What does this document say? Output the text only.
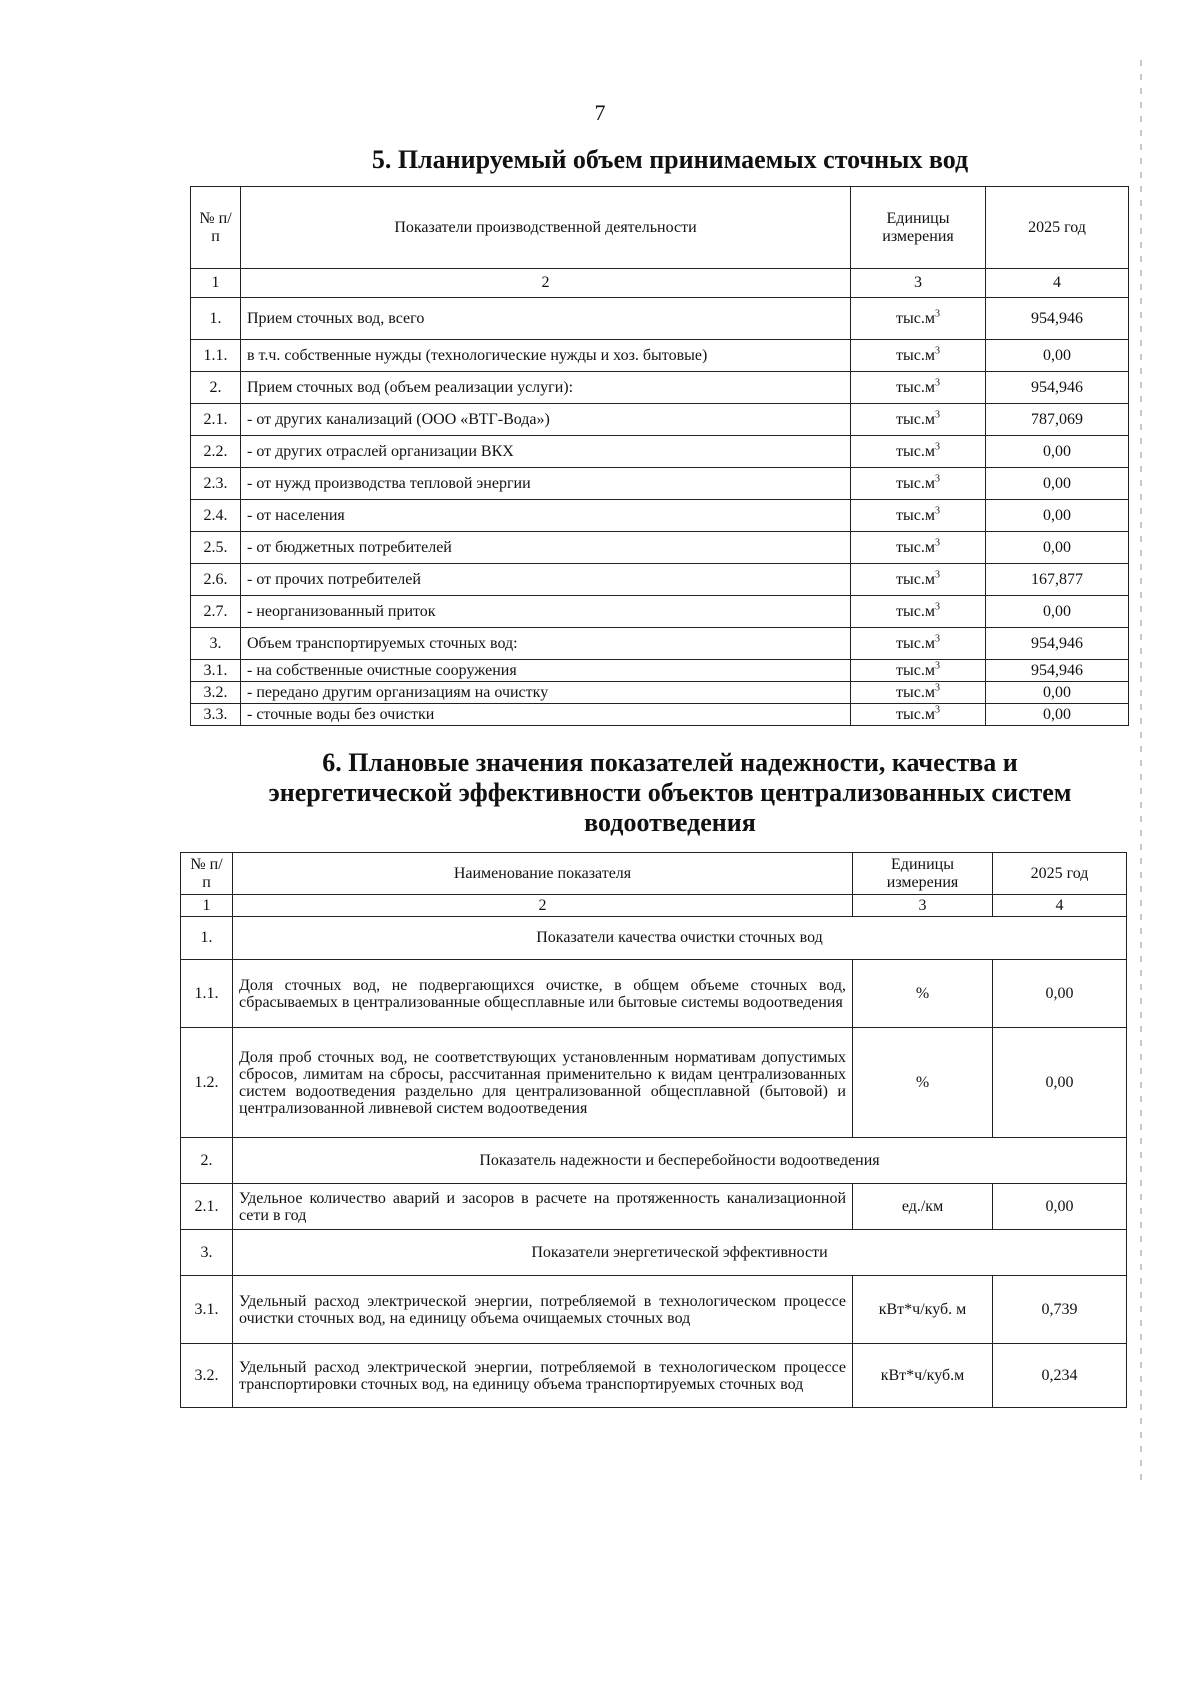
7
5. Планируемый объем принимаемых сточных вод
№ п/п	Показатели производственной деятельности	Единицы измерения	2025 год
1	2	3	4
1.	Прием сточных вод, всего	$тыс.м^3$	954,946
1.1.	в т.ч. собственные нужды (технологические нужды и хоз. бытовые)	$тыс.м^3$	0,00
2.	Прием сточных вод (объем реализации услуги):	$тыс.м^3$	954,946
2.1.	- от других канализаций (ООО «ВТГ-Вода»)	$тыс.м^3$	787,069
2.2.	- от других отраслей организации ВКХ	$тыс.м^3$	0,00
2.3.	- от нужд производства тепловой энергии	$тыс.м^3$	0,00
2.4.	- от населения	$тыс.м^3$	0,00
2.5.	- от бюджетных потребителей	$тыс.м^3$	0,00
2.6.	- от прочих потребителей	$тыс.м^3$	167,877
2.7.	- неорганизованный приток	$тыс.м^3$	0,00
3.	Объем транспортируемых сточных вод:	$тыс.м^3$	954,946
3.1.	- на собственные очистные сооружения	$тыс.м^3$	954,946
3.2.	- передано другим организациям на очистку	$тыс.м^3$	0,00
3.3.	- сточные воды без очистки	$тыс.м^3$	0,00
6. Плановые значения показателей надежности, качества и
энергетической эффективности объектов централизованных систем
водоотведения
№ п/п	Наименование показателя	Единицы измерения	2025 год
1	2	3	4
1.	Показатели качества очистки сточных вод		
1.1.	Доля сточных вод, не подвергающихся очистке, в общем объеме сточных вод, сбрасываемых в централизованные общесплавные или бытовые системы водоотведения	%	0,00
1.2.	Доля проб сточных вод, не соответствующих установленным нормативам допустимых сбросов, лимитам на сбросы, рассчитанная применительно к видам централизованных систем водоотведения раздельно для централизованной общесплавной (бытовой) и централизованной ливневой систем водоотведения	%	0,00
2.	Показатель надежности и бесперебойности водоотведения		
2.1.	Удельное количество аварий и засоров в расчете на протяженность канализационной сети в год	ед./км	0,00
3.	Показатели энергетической эффективности		
3.1.	Удельный расход электрической энергии, потребляемой в технологическом процессе очистки сточных вод, на единицу объема очищаемых сточных вод	кВт*ч/куб. м	0,739
3.2.	Удельный расход электрической энергии, потребляемой в технологическом процессе транспортировки сточных вод, на единицу объема транспортируемых сточных вод	кВт*ч/куб.м	0,234
